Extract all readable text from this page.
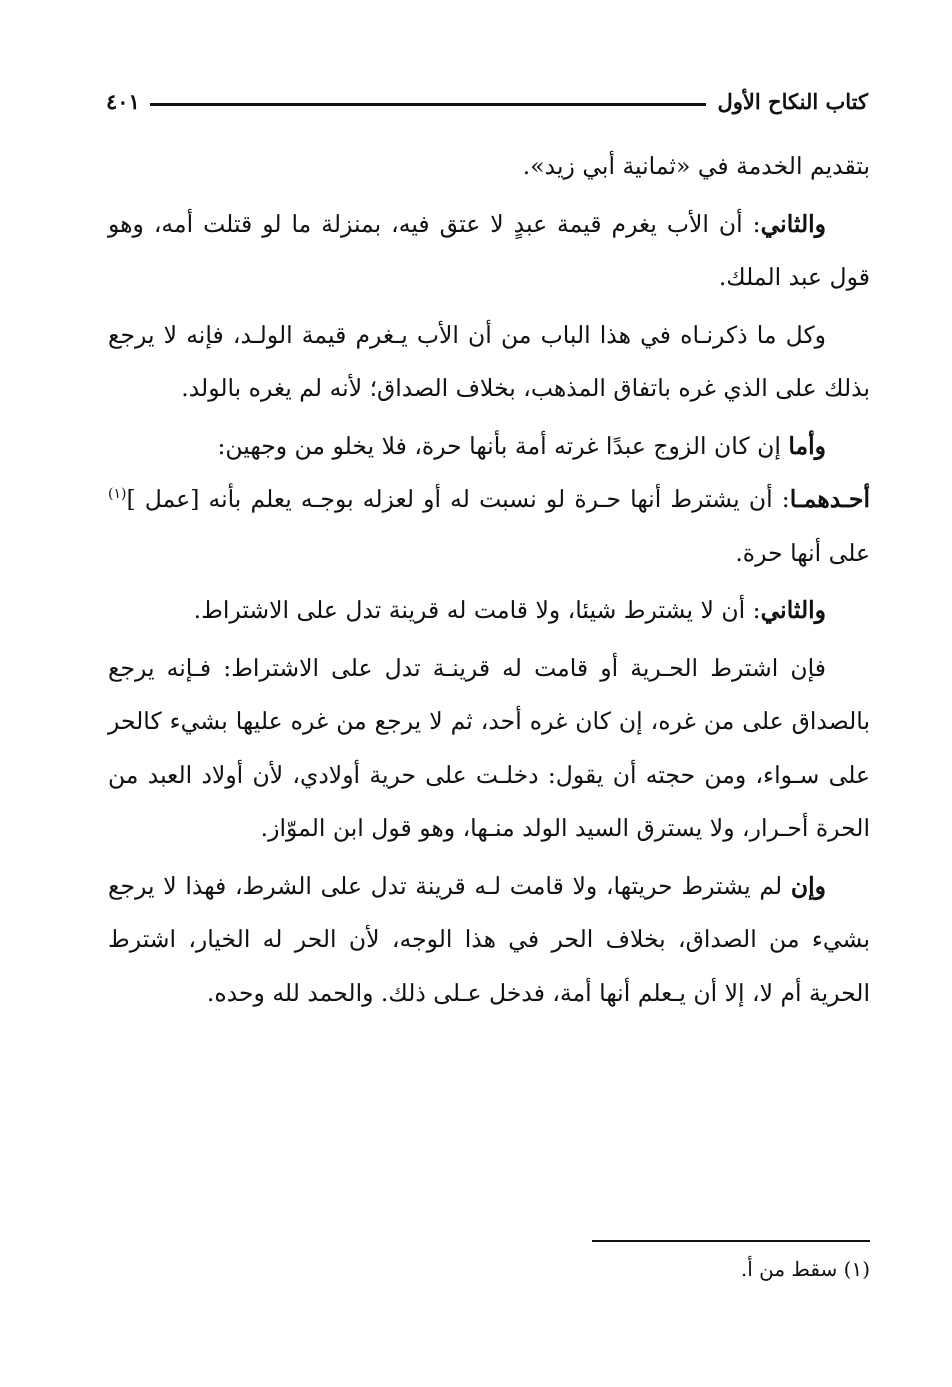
كتاب النكاح الأول
٤٠١

بتقديم الخدمة في «ثمانية أبي زيد».

والثاني: أن الأب يغرم قيمة عبدٍ لا عتق فيه، بمنزلة ما لو قتلت أمه، وهو قول عبد الملك.

وكل ما ذكرنـاه في هذا الباب من أن الأب يـغرم قيمة الولـد، فإنه لا يرجع بذلك على الذي غره باتفاق المذهب، بخلاف الصداق؛ لأنه لم يغره بالولد.

وأما إن كان الزوج عبدًا غرته أمة بأنها حرة، فلا يخلو من وجهين:

أحـدهمـا: أن يشترط أنها حـرة لو نسبت له أو لعزله بوجـه يعلم بأنه [عمل ]$^{(١)}$ على أنها حرة.

والثاني: أن لا يشترط شيئا، ولا قامت له قرينة تدل على الاشتراط.

فإن اشترط الحـرية أو قامت له قرينـة تدل على الاشتراط: فـإنه يرجع بالصداق على من غره، إن كان غره أحد، ثم لا يرجع من غره عليها بشيء كالحر على سـواء، ومن حجته أن يقول: دخلـت على حرية أولادي، لأن أولاد العبد من الحرة أحـرار، ولا يسترق السيد الولد منـها، وهو قول ابن الموّاز.

وإن لم يشترط حريتها، ولا قامت لـه قرينة تدل على الشرط، فهذا لا يرجع بشيء من الصداق، بخلاف الحر في هذا الوجه، لأن الحر له الخيار، اشترط الحرية أم لا، إلا أن يـعلم أنها أمة، فدخل عـلى ذلك. والحمد لله وحده.

(١) سقط من أ.
